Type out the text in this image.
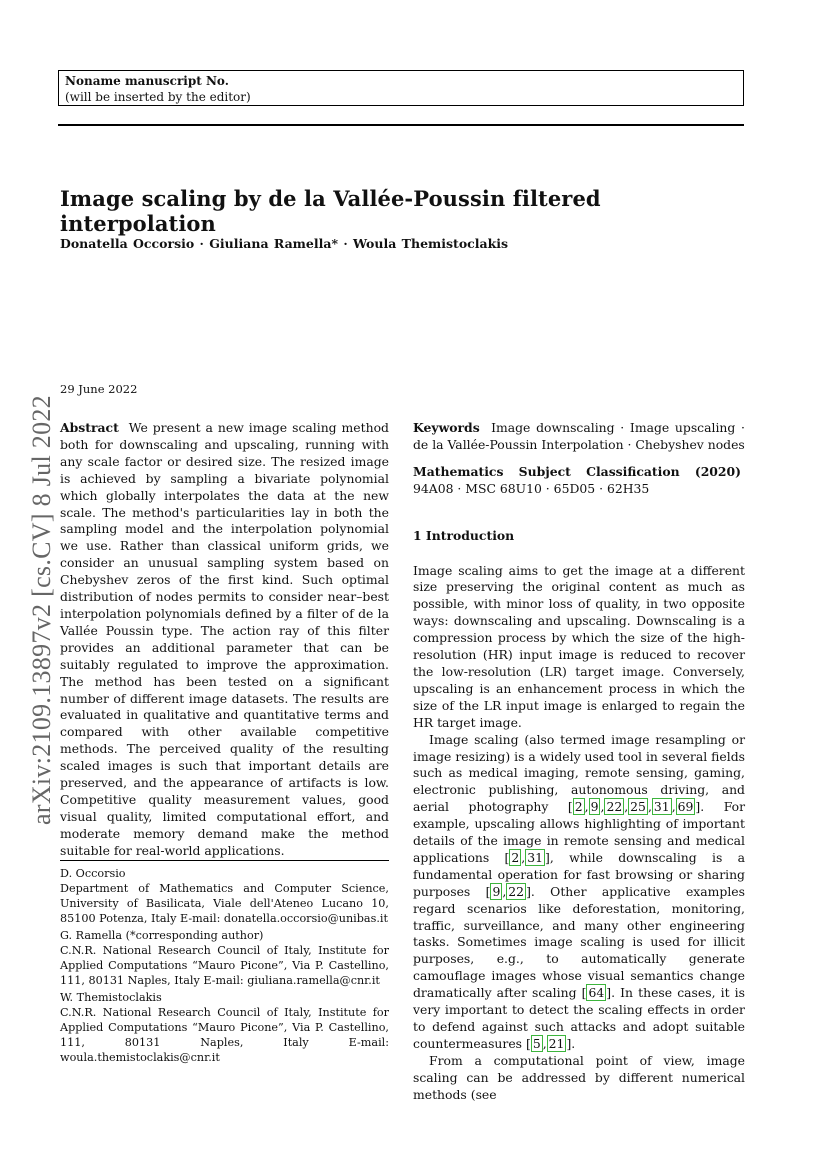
Noname manuscript No.
(will be inserted by the editor)
Image scaling by de la Vallée-Poussin filtered interpolation
Donatella Occorsio · Giuliana Ramella* · Woula Themistoclakis
arXiv:2109.13897v2 [cs.CV] 8 Jul 2022
29 June 2022

Abstract We present a new image scaling method both for downscaling and upscaling, running with any scale factor or desired size. The resized image is achieved by sampling a bivariate polynomial which globally interpolates the data at the new scale. The method's particularities lay in both the sampling model and the interpolation polynomial we use. Rather than classical uniform grids, we consider an unusual sampling system based on Chebyshev zeros of the first kind. Such optimal distribution of nodes permits to consider near–best interpolation polynomials defined by a filter of de la Vallée Poussin type. The action ray of this filter provides an additional parameter that can be suitably regulated to improve the approximation. The method has been tested on a significant number of different image datasets. The results are evaluated in qualitative and quantitative terms and compared with other available competitive methods. The perceived quality of the resulting scaled images is such that important details are preserved, and the appearance of artifacts is low. Competitive quality measurement values, good visual quality, limited computational effort, and moderate memory demand make the method suitable for real-world applications.

D. Occorsio
Department of Mathematics and Computer Science, University of Basilicata, Viale dell'Ateneo Lucano 10, 85100 Potenza, Italy E-mail: donatella.occorsio@unibas.it
G. Ramella (*corresponding author)
C.N.R. National Research Council of Italy, Institute for Applied Computations “Mauro Picone”, Via P. Castellino, 111, 80131 Naples, Italy E-mail: giuliana.ramella@cnr.it
W. Themistoclakis
C.N.R. National Research Council of Italy, Institute for Applied Computations “Mauro Picone”, Via P. Castellino, 111, 80131 Naples, Italy E-mail: woula.themistoclakis@cnr.it

Keywords Image downscaling · Image upscaling · de la Vallée-Poussin Interpolation · Chebyshev nodes

Mathematics Subject Classification (2020)  94A08 · MSC 68U10 · 65D05 · 62H35

1 Introduction

Image scaling aims to get the image at a different size preserving the original content as much as possible, with minor loss of quality, in two opposite ways: downscaling and upscaling. Downscaling is a compression process by which the size of the high-resolution (HR) input image is reduced to recover the low-resolution (LR) target image. Conversely, upscaling is an enhancement process in which the size of the LR input image is enlarged to regain the HR target image.

Image scaling (also termed image resampling or image resizing) is a widely used tool in several fields such as medical imaging, remote sensing, gaming, electronic publishing, autonomous driving, and aerial photography [ 2 , 9 , 22 , 25 , 31 , 69 ]. For example, upscaling allows highlighting of important details of the image in remote sensing and medical applications [ 2 , 31 ], while downscaling is a fundamental operation for fast browsing or sharing purposes [ 9 , 22 ]. Other applicative examples regard scenarios like deforestation, monitoring, traffic, surveillance, and many other engineering tasks. Sometimes image scaling is used for illicit purposes, e.g., to automatically generate camouflage images whose visual semantics change dramatically after scaling [ 64 ]. In these cases, it is very important to detect the scaling effects in order to defend against such attacks and adopt suitable countermeasures [ 5 , 21 ].

From a computational point of view, image scaling can be addressed by different numerical methods (see
